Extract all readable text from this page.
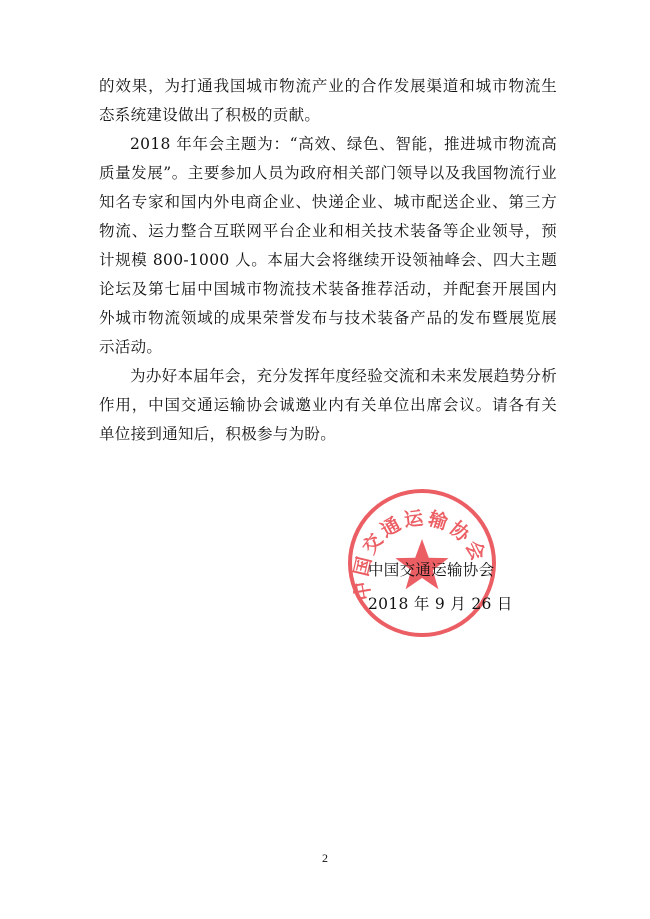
的效果，为打通我国城市物流产业的合作发展渠道和城市物流生态系统建设做出了积极的贡献。

2018 年年会主题为：“高效、绿色、智能，推进城市物流高质量发展”。主要参加人员为政府相关部门领导以及我国物流行业知名专家和国内外电商企业、快递企业、城市配送企业、第三方物流、运力整合互联网平台企业和相关技术装备等企业领导，预计规模 800-1000 人。本届大会将继续开设领袖峰会、四大主题论坛及第七届中国城市物流技术装备推荐活动，并配套开展国内外城市物流领域的成果荣誉发布与技术装备产品的发布暨展览展示活动。

为办好本届年会，充分发挥年度经验交流和未来发展趋势分析作用，中国交通运输协会诚邀业内有关单位出席会议。请各有关单位接到通知后，积极参与为盼。

中国交通运输协会
中国交通运输协会
2018 年 9 月 26 日
2
